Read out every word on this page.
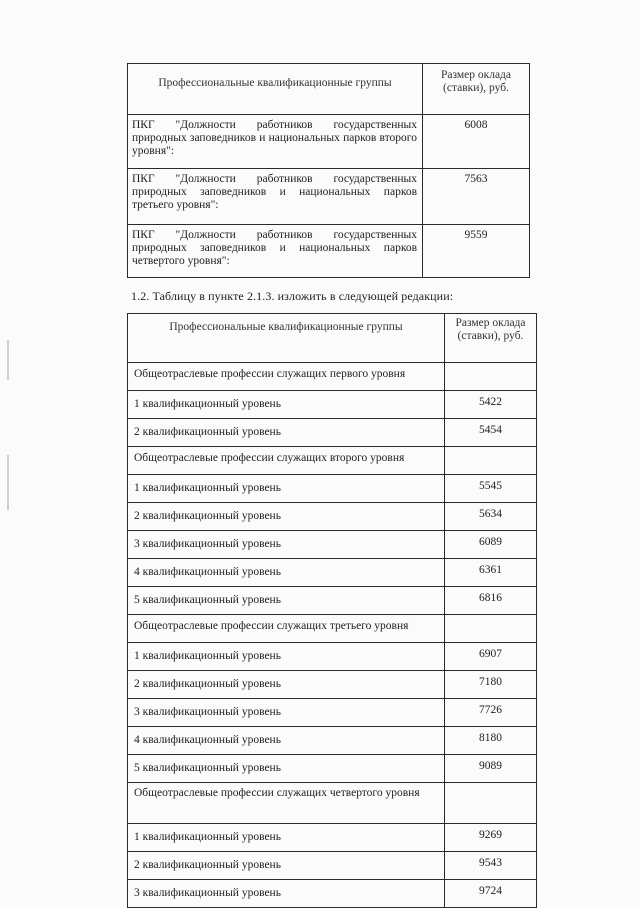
Профессиональные квалификационные группы	Размер оклада (ставки), руб.
ПКГ "Должности работников государственных природных заповедников и национальных парков второго уровня":	6008
ПКГ "Должности работников государственных природных заповедников и национальных парков третьего уровня":	7563
ПКГ "Должности работников государственных природных заповедников и национальных парков четвертого уровня":	9559
1.2. Таблицу в пункте 2.1.3. изложить в следующей редакции:
Профессиональные квалификационные группы	Размер оклада (ставки), руб.
Общеотраслевые профессии служащих первого уровня	
1 квалификационный уровень	5422
2 квалификационный уровень	5454
Общеотраслевые профессии служащих второго уровня	
1 квалификационный уровень	5545
2 квалификационный уровень	5634
3 квалификационный уровень	6089
4 квалификационный уровень	6361
5 квалификационный уровень	6816
Общеотраслевые профессии служащих третьего уровня	
1 квалификационный уровень	6907
2 квалификационный уровень	7180
3 квалификационный уровень	7726
4 квалификационный уровень	8180
5 квалификационный уровень	9089
Общеотраслевые профессии служащих четвертого уровня	
1 квалификационный уровень	9269
2 квалификационный уровень	9543
3 квалификационный уровень	9724
